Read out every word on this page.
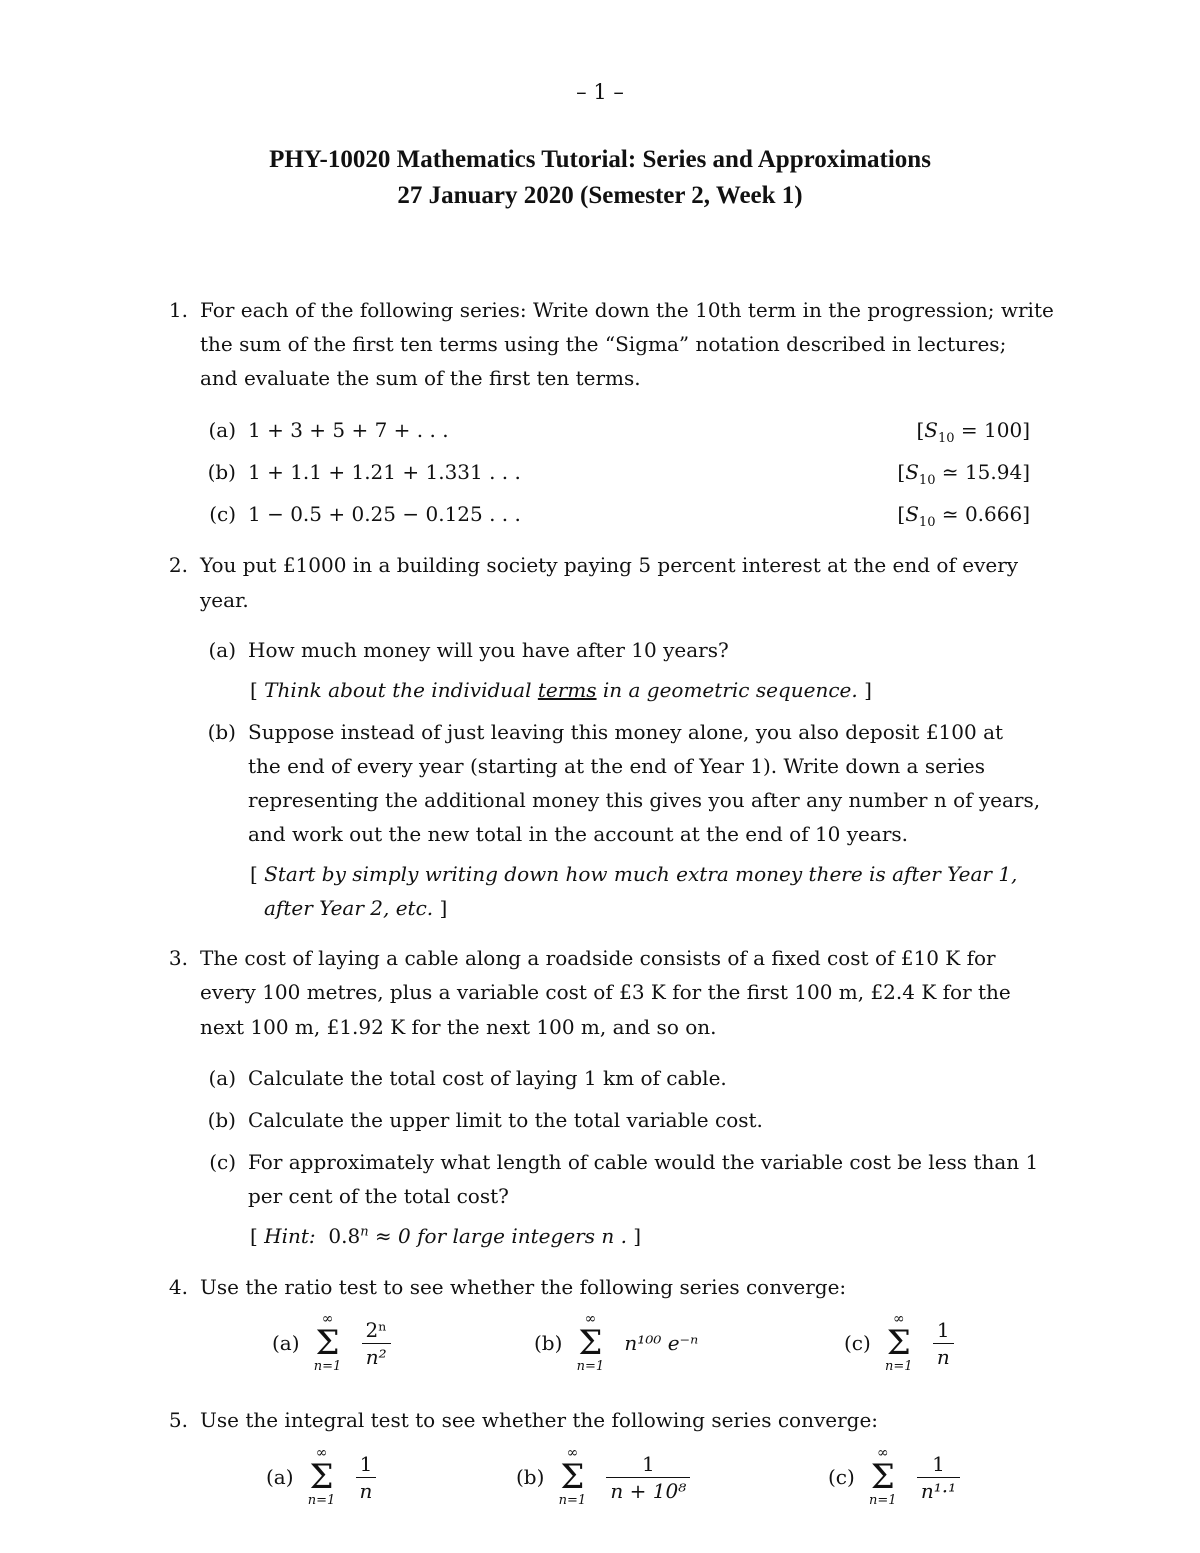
– 1 –
PHY-10020 Mathematics Tutorial: Series and Approximations
27 January 2020 (Semester 2, Week 1)
1. For each of the following series: Write down the 10th term in the progression; write
the sum of the first ten terms using the “Sigma” notation described in lectures;
and evaluate the sum of the first ten terms.
(a) 1 + 3 + 5 + 7 + . . .	$[S_{10} = 100]$
(b) 1 + 1.1 + 1.21 + 1.331 . . .	[$S_{10}$ ≃ 15.94]
(c) 1 − 0.5 + 0.25 − 0.125 . . .	[$S_{10}$ ≃ 0.666]
2. You put £1000 in a building society paying 5 percent interest at the end of every
year.
(a) How much money will you have after 10 years?
[ Think about the individual terms in a geometric sequence. ]
(b) Suppose instead of just leaving this money alone, you also deposit £100 at
the end of every year (starting at the end of Year 1). Write down a series
representing the additional money this gives you after any number n of years,
and work out the new total in the account at the end of 10 years.
[ Start by simply writing down how much extra money there is after Year 1,
after Year 2, etc. ]
3. The cost of laying a cable along a roadside consists of a fixed cost of £10 K for
every 100 metres, plus a variable cost of £3 K for the first 100 m, £2.4 K for the
next 100 m, £1.92 K for the next 100 m, and so on.
(a) Calculate the total cost of laying 1 km of cable.
(b) Calculate the upper limit to the total variable cost.
(c) For approximately what length of cable would the variable cost be less than 1
per cent of the total cost?
[ Hint: $0.8^n \approx 0$ for large integers n . ]
4. Use the ratio test to see whether the following series converge:
(a)
∞
Σ
$n=1 \frac{\text{2ⁿ}}{\text{n²}}$	(b)
∞
Σ
n=1
n¹⁰⁰ e⁻ⁿ	(c)
∞
Σ
$n=1 \frac{1}{n}$
5. Use the integral test to see whether the following series converge:
(a)
∞
Σ
$n=1 \frac{1}{n}$	(b)
∞
Σ
$n=1 \frac{1}{\text{n + 10⁸}}$	(c)
∞
Σ
$n=1 \frac{1}{\text{n¹·¹}}$
